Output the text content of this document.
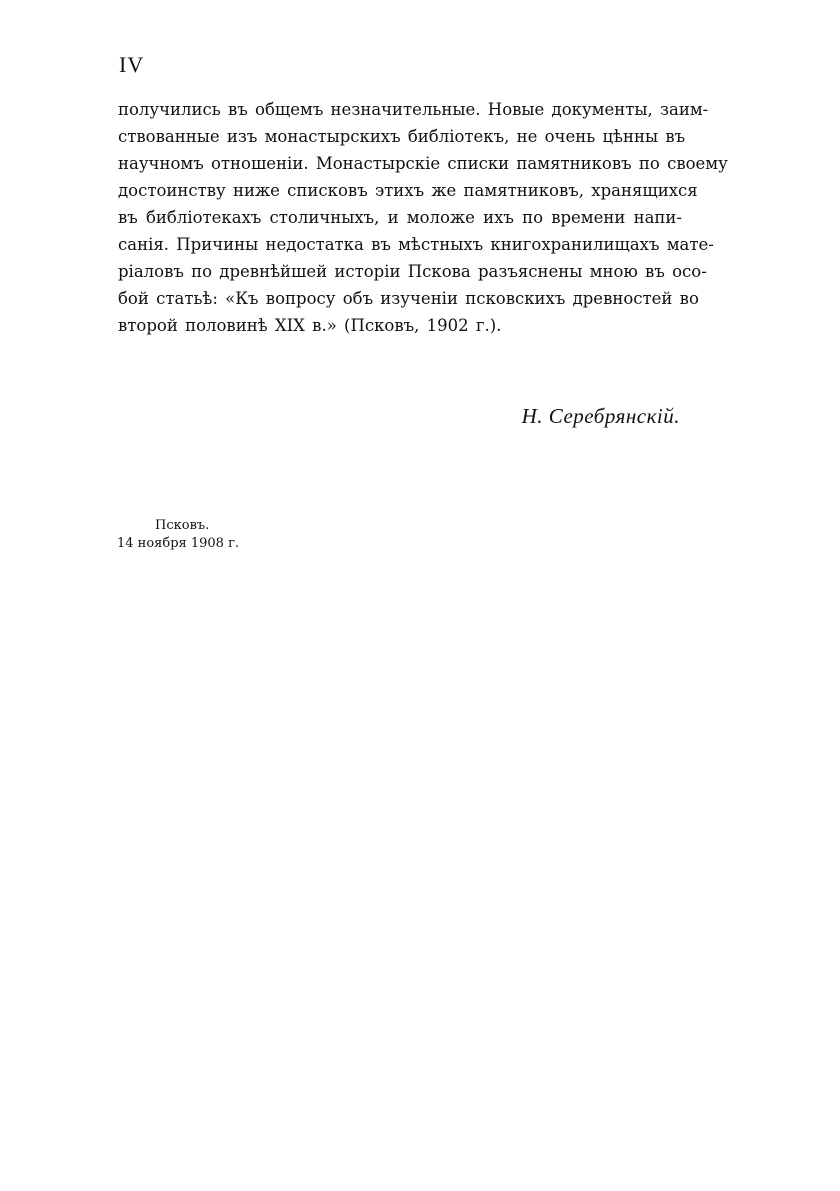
IV
получились въ общемъ незначительные. Новые документы, заим-
ствованные изъ монастырскихъ библіотекъ, не очень цѣнны въ
научномъ отношеніи. Монастырскіе списки памятниковъ по своему
достоинству ниже списковъ этихъ же памятниковъ, хранящихся
въ библіотекахъ столичныхъ, и моложе ихъ по времени напи-
санія. Причины недостатка въ мѣстныхъ книгохранилищахъ мате-
ріаловъ по древнѣйшей исторіи Пскова разъяснены мною въ осо-
бой статьѣ: «Къ вопросу объ изученіи псковскихъ древностей во
второй половинѣ XIX в.» (Псковъ, 1902 г.).
Н. Серебрянскій.
Псковъ.
14 ноября 1908 г.
